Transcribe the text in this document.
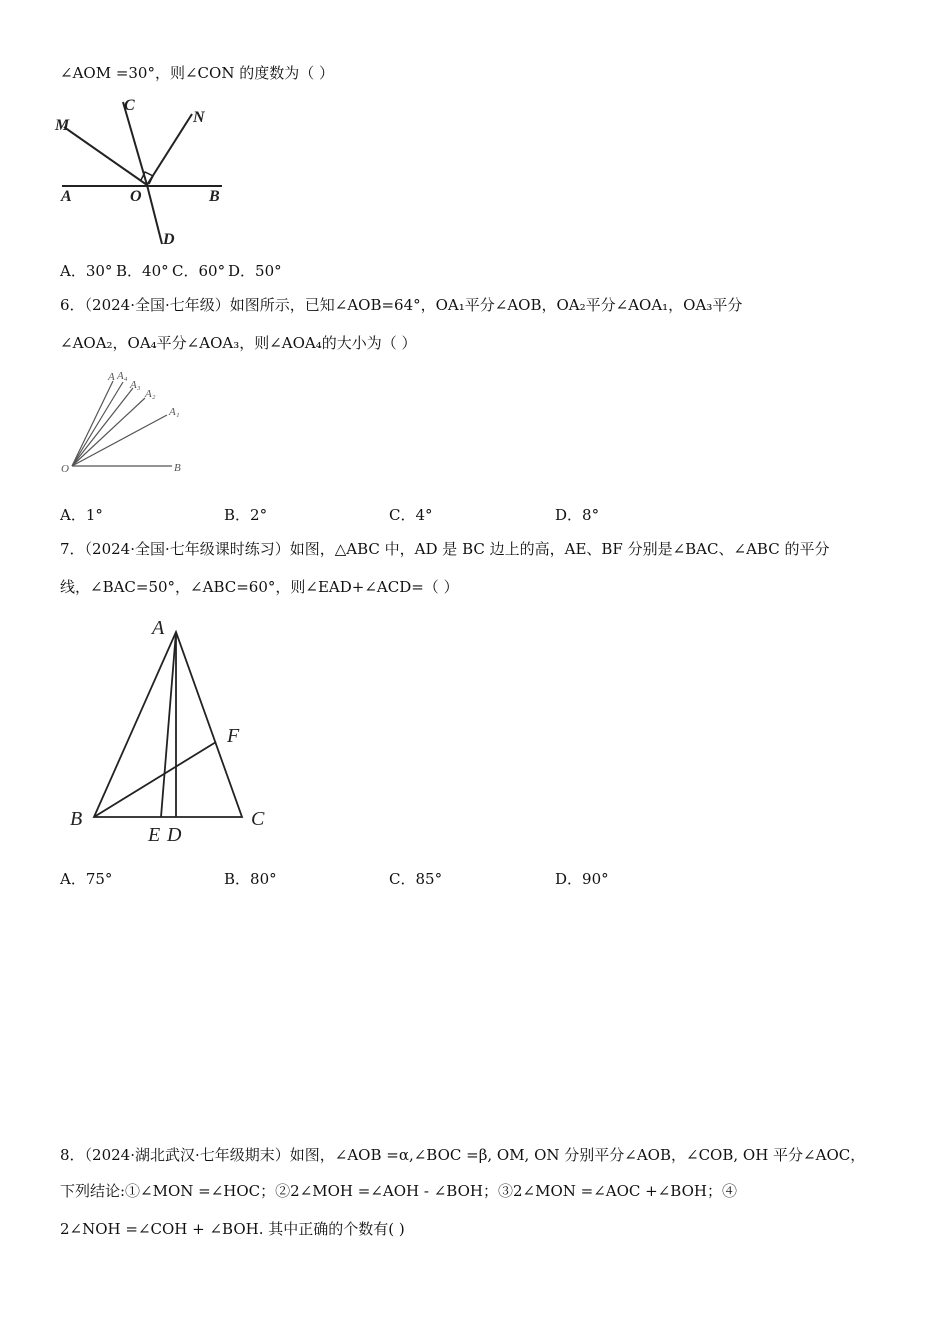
∠AOM =30°，则∠CON 的度数为（ ）
M
C
N
A	O	B
D
A．30° B．40° C．60° D．50°
6．（2024·全国·七年级）如图所示，已知∠AOB=64°，OA₁平分∠AOB，OA₂平分∠AOA₁，OA₃平分
∠AOA₂，OA₄平分∠AOA₃，则∠AOA₄的大小为（ ）
A A₄
A₃
A₂
A₁
O	B
A．1°	B．2°	C．4°	D．8°
7．（2024·全国·七年级课时练习）如图，△ABC 中，AD 是 BC 边上的高，AE、BF 分别是∠BAC、∠ABC 的平分
线，∠BAC=50°，∠ABC=60°，则∠EAD+∠ACD=（ ）
A
F
B	C
E D
A．75°	B．80°	C．85°	D．90°
8．（2024·湖北武汉·七年级期末）如图，∠AOB =α,∠BOC =β, OM, ON 分别平分∠AOB，∠COB, OH 平分∠AOC，
下列结论:①∠MON =∠HOC；②2∠MOH =∠AOH - ∠BOH；③2∠MON =∠AOC +∠BOH；④
2∠NOH =∠COH + ∠BOH. 其中正确的个数有( )
